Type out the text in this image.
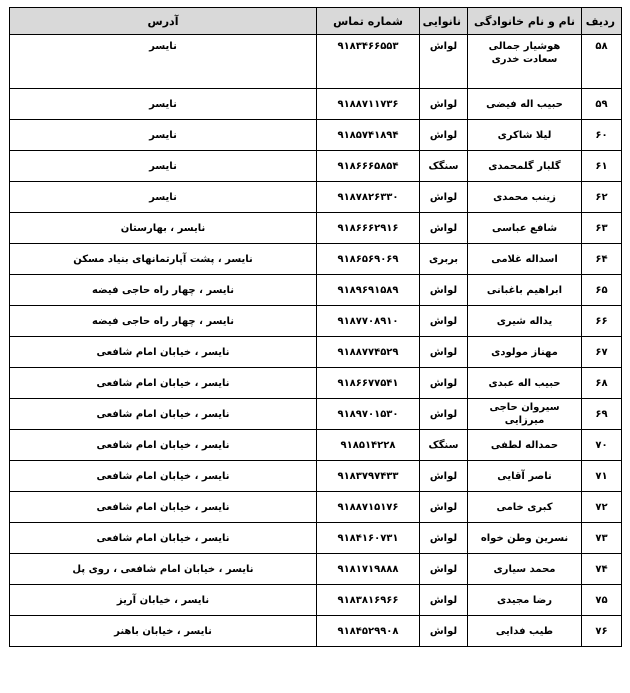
ردیف	نام و نام خانوادگی	نانوایی	شماره تماس	آدرس
۵۸	هوشیار جمالی سعادت خدری	لواش	۹۱۸۳۴۶۶۵۵۳	نایسر
۵۹	حبیب اله فیضی	لواش	۹۱۸۸۷۱۱۷۳۶	نایسر
۶۰	لیلا شاکری	لواش	۹۱۸۵۷۴۱۸۹۴	نایسر
۶۱	گلبار گلمحمدی	سنگک	۹۱۸۶۶۶۵۸۵۴	نایسر
۶۲	زینب محمدی	لواش	۹۱۸۷۸۲۶۳۳۰	نایسر
۶۳	شافع عباسی	لواش	۹۱۸۶۶۶۲۹۱۶	نایسر ، بهارستان
۶۴	اسداله غلامی	بربری	۹۱۸۶۵۶۹۰۶۹	نایسر ، پشت آپارتمانهای بنیاد مسکن
۶۵	ابراهیم باغبانی	لواش	۹۱۸۹۶۹۱۵۸۹	نایسر ، چهار راه حاجی فیضه
۶۶	یداله شیری	لواش	۹۱۸۷۷۰۸۹۱۰	نایسر ، چهار راه حاجی فیضه
۶۷	مهناز مولودی	لواش	۹۱۸۸۷۷۴۵۲۹	نایسر ، خیابان امام شافعی
۶۸	حبیب اله عبدی	لواش	۹۱۸۶۶۷۷۵۴۱	نایسر ، خیابان امام شافعی
۶۹	سیروان حاجی میرزایی	لواش	۹۱۸۹۷۰۱۵۳۰	نایسر ، خیابان امام شافعی
۷۰	حمداله لطفی	سنگک	۹۱۸۵۱۴۲۲۸	نایسر ، خیابان امام شافعی
۷۱	ناصر آقایی	لواش	۹۱۸۳۷۹۷۴۳۳	نایسر ، خیابان امام شافعی
۷۲	کبری خامی	لواش	۹۱۸۸۷۱۵۱۷۶	نایسر ، خیابان امام شافعی
۷۳	نسرین وطن خواه	لواش	۹۱۸۴۱۶۰۷۳۱	نایسر ، خیابان امام شافعی
۷۴	محمد سیاری	لواش	۹۱۸۱۷۱۹۸۸۸	نایسر ، خیابان امام شافعی ، روی پل
۷۵	رضا مجیدی	لواش	۹۱۸۳۸۱۶۹۶۶	نایسر ، خیابان آریز
۷۶	طیب فدایی	لواش	۹۱۸۴۵۲۹۹۰۸	نایسر ، خیابان باهنر
